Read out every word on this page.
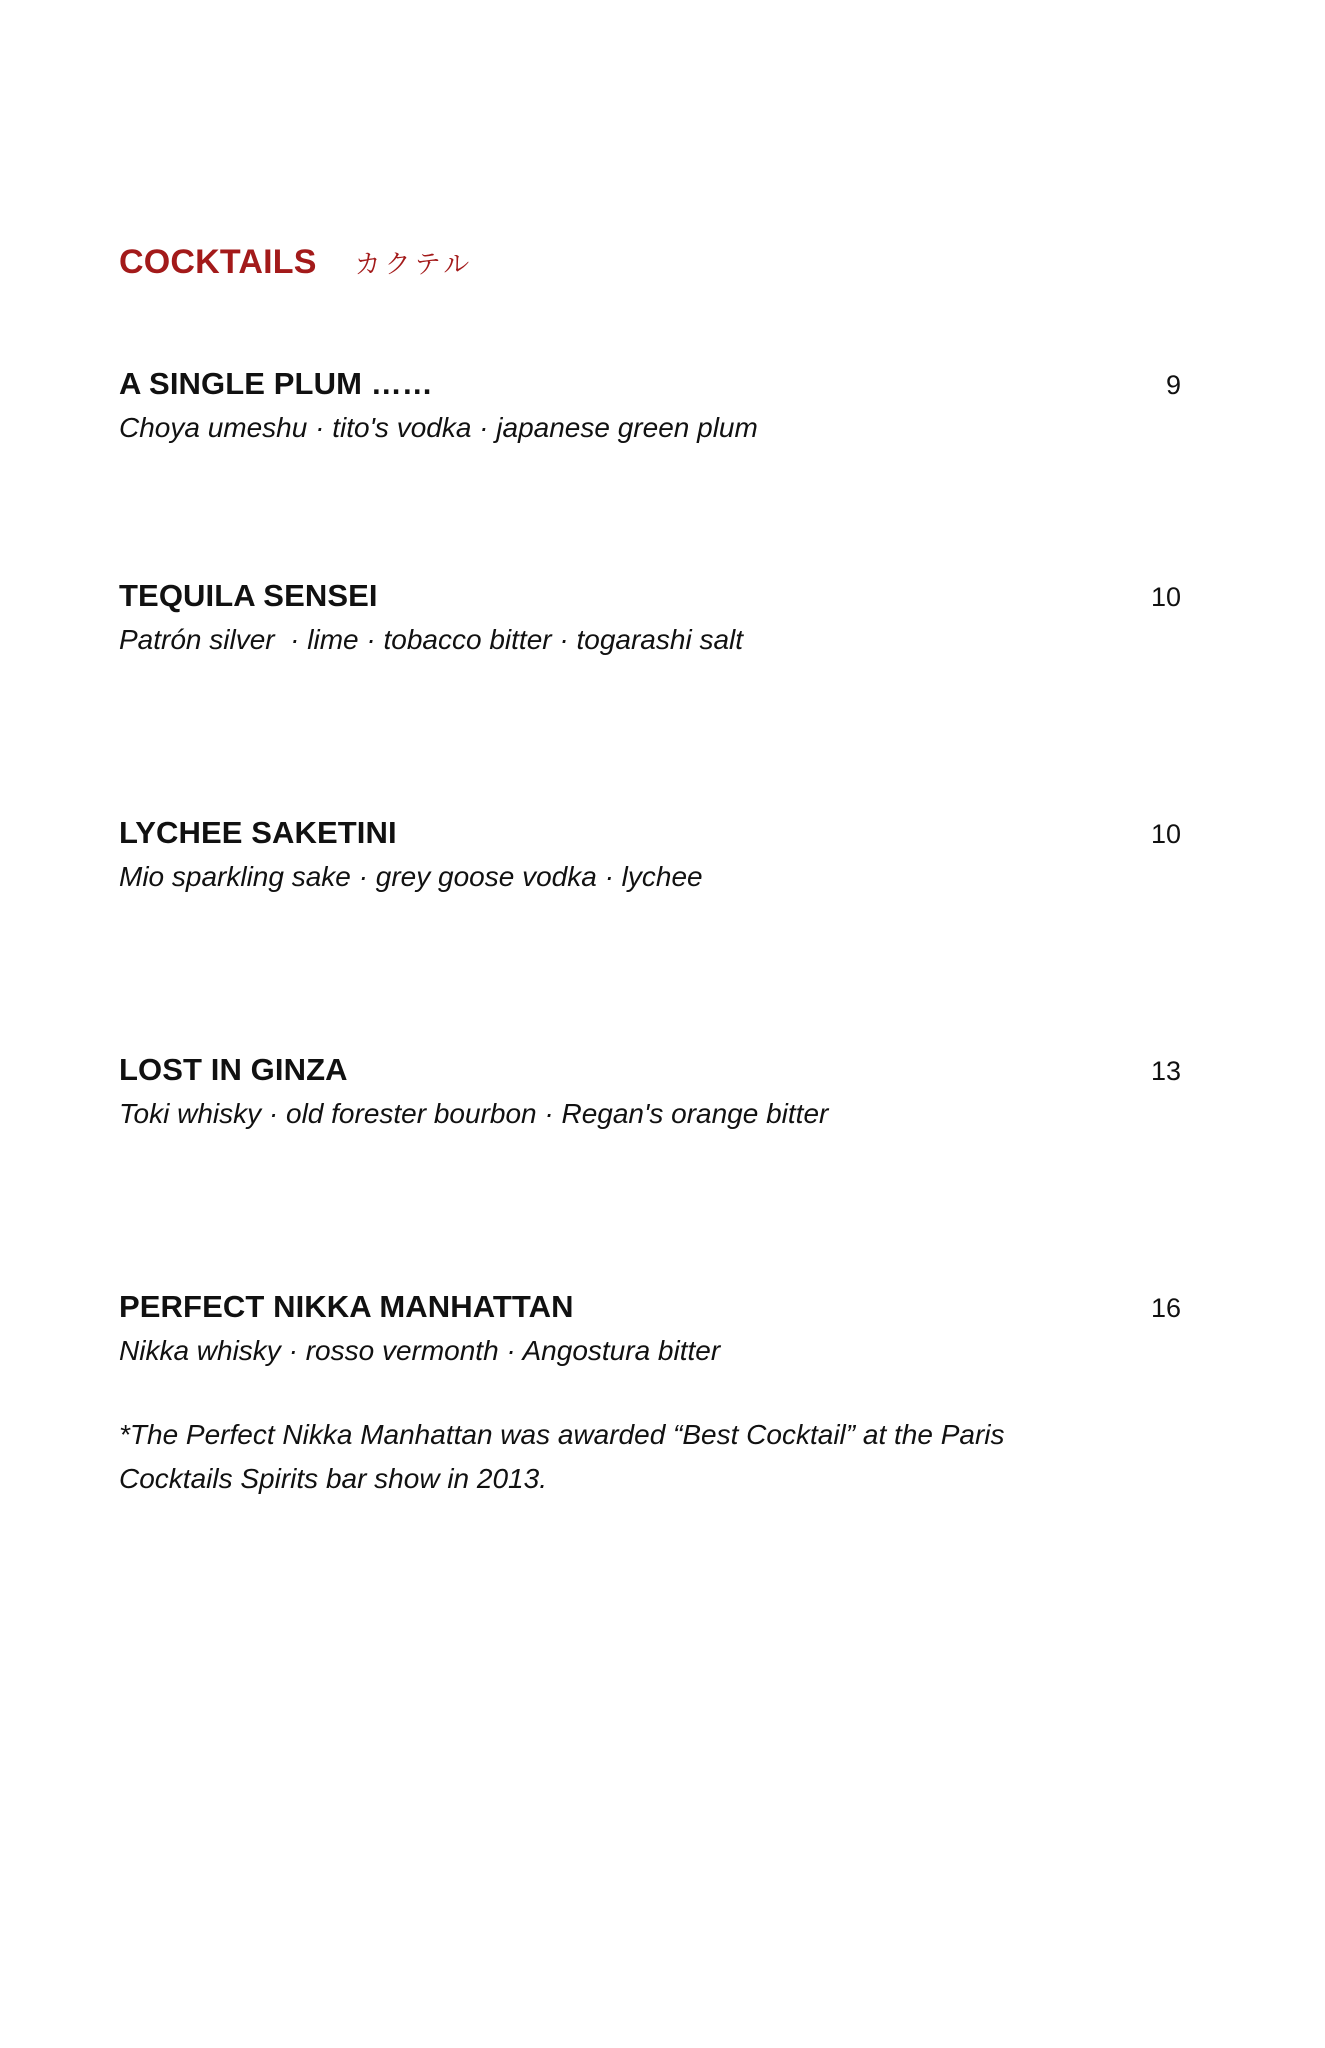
COCKTAILS カクテル
A SINGLE PLUM ……	9
Choya umeshu · tito's vodka · japanese green plum
TEQUILA SENSEI	10
Patrón silver  · lime · tobacco bitter · togarashi salt
LYCHEE SAKETINI	10
Mio sparkling sake · grey goose vodka · lychee
LOST IN GINZA	13
Toki whisky · old forester bourbon · Regan's orange bitter
PERFECT NIKKA MANHATTAN	16
Nikka whisky · rosso vermonth · Angostura bitter
*The Perfect Nikka Manhattan was awarded “Best Cocktail” at the Paris
Cocktails Spirits bar show in 2013.
